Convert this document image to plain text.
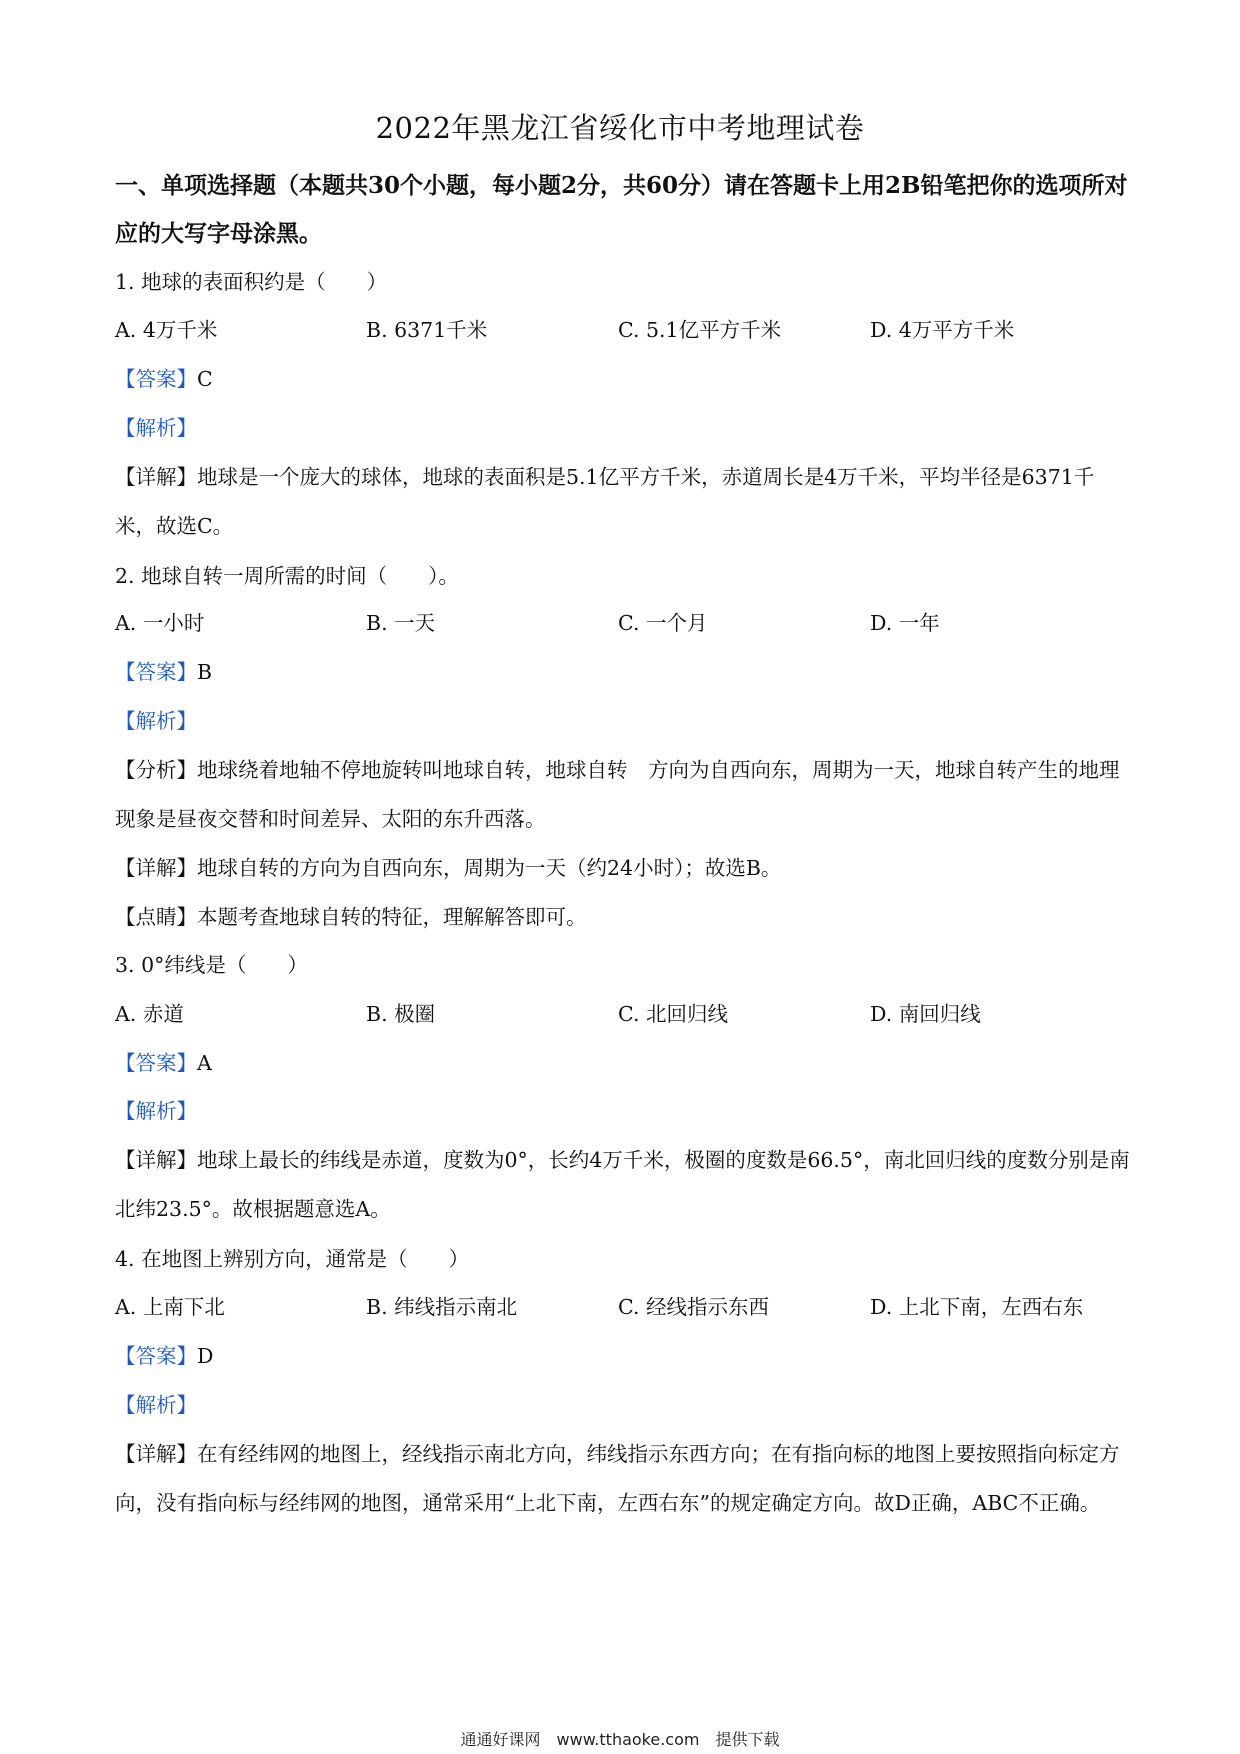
2022年黑龙江省绥化市中考地理试卷
一、单项选择题（本题共30个小题，每小题2分，共60分）请在答题卡上用2B铅笔把你的选项所对应的大写字母涂黑。
1. 地球的表面积约是（　　）
A. 4万千米	B. 6371千米	C. 5.1亿平方千米	D. 4万平方千米
【答案】C
【解析】
【详解】地球是一个庞大的球体，地球的表面积是5.1亿平方千米，赤道周长是4万千米，平均半径是6371千米，故选C。
2. 地球自转一周所需的时间（　　）。
A. 一小时	B. 一天	C. 一个月	D. 一年
【答案】B
【解析】
【分析】地球绕着地轴不停地旋转叫地球自转，地球自转　方向为自西向东，周期为一天，地球自转产生的地理现象是昼夜交替和时间差异、太阳的东升西落。
【详解】地球自转的方向为自西向东，周期为一天（约24小时）；故选B。
【点睛】本题考查地球自转的特征，理解解答即可。
3. 0°纬线是（　　）
A. 赤道	B. 极圈	C. 北回归线	D. 南回归线
【答案】A
【解析】
【详解】地球上最长的纬线是赤道，度数为0°，长约4万千米，极圈的度数是66.5°，南北回归线的度数分别是南北纬23.5°。故根据题意选A。
4. 在地图上辨别方向，通常是（　　）
A. 上南下北	B. 纬线指示南北	C. 经线指示东西	D. 上北下南，左西右东
【答案】D
【解析】
【详解】在有经纬网的地图上，经线指示南北方向，纬线指示东西方向；在有指向标的地图上要按照指向标定方向，没有指向标与经纬网的地图，通常采用“上北下南，左西右东”的规定确定方向。故D正确，ABC不正确。
通通好课网　www.tthaoke.com　提供下载
